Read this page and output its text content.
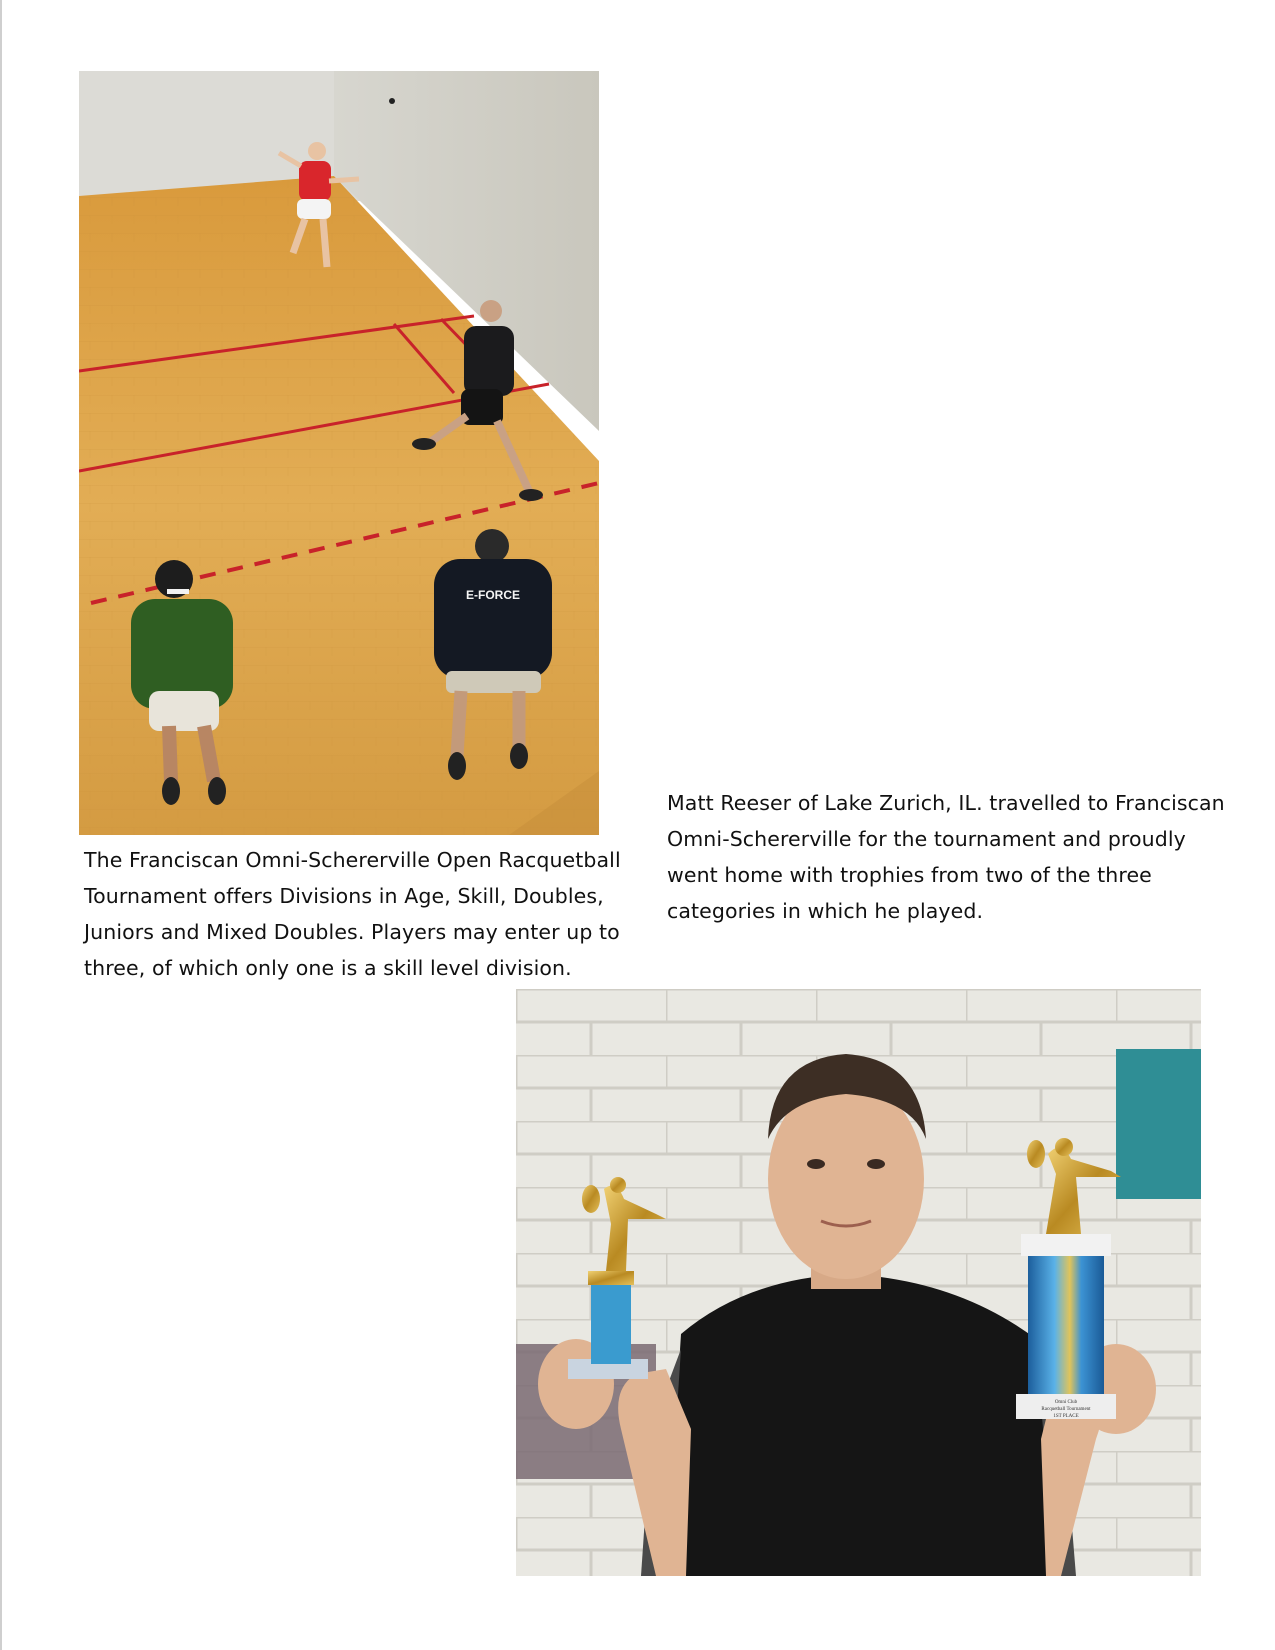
E-FORCE
The Franciscan Omni-Schererville Open Racquetball
Tournament offers Divisions in Age, Skill, Doubles,
Juniors and Mixed Doubles. Players may enter up to
three, of which only one is a skill level division.
Matt Reeser of Lake Zurich, IL. travelled to Franciscan
Omni-Schererville for the tournament and proudly
went home with trophies from two of the three
categories in which he played.
Omni Club
Racquetball Tournament
1ST PLACE
